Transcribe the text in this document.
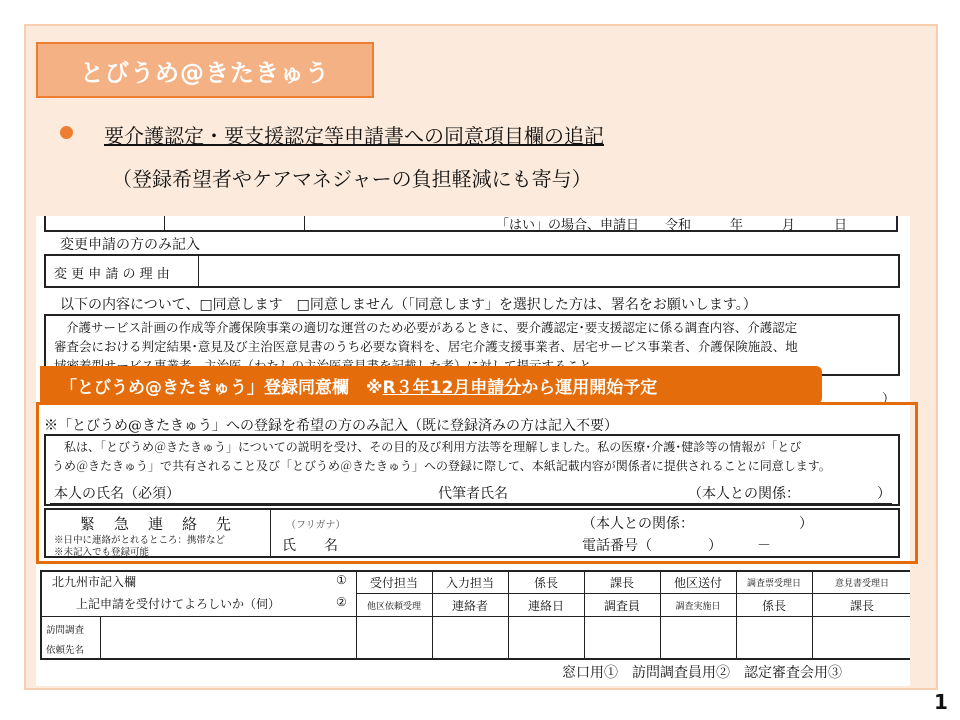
とびうめ@きたきゅう
要介護認定・要支援認定等申請書への同意項目欄の追記
（登録希望者やケアマネジャーの負担軽減にも寄与）
「はい」の場合、申請日　　令和　　　年　　　月　　　日
変更申請の方のみ記入
変 更 申 請 の 理 由
以下の内容について、□同意します　□同意しません（「同意します」を選択した方は、署名をお願いします。）
介護サービス計画の作成等介護保険事業の適切な運営のため必要があるときに、要介護認定･要支援認定に係る調査内容、介護認定
審査会における判定結果･意見及び主治医意見書のうち必要な資料を、居宅介護支援事業者、居宅サービス事業者、介護保険施設、地
）
※「とびうめ@きたきゅう」への登録を希望の方のみ記入（既に登録済みの方は記入不要）
私は、「とびうめ＠きたきゅう」についての説明を受け、その目的及び利用方法等を理解しました。私の医療･介護･健診等の情報が「とび
うめ＠きたきゅう」で共有されること及び「とびうめ＠きたきゅう」への登録に際して、本紙記載内容が関係者に提供されることに同意します。
本人の氏名（必須）	代筆者氏名	（本人との関係：　　　　　　）
緊　急　連　絡　先
※日中に連絡がとれるところ：携帯など
※未記入でも登録可能
（フリガナ）
氏　　名
（本人との関係：　　　　　　　　）
電話番号（　　　　）　　　－
北九州市記入欄	①
上記申請を受付けてよろしいか（伺）	②
受付担当	入力担当	係長	課長	他区送付	調査票受理日	意見書受理日
他区依頼受理	連絡者	連絡日	調査員	調査実施日	係長	課長
訪問調査
依頼先名
窓口用①　訪問調査員用②　認定審査会用③
「とびうめ@きたきゅう」登録同意欄　※ R３年12月申請分 から運用開始予定
1
